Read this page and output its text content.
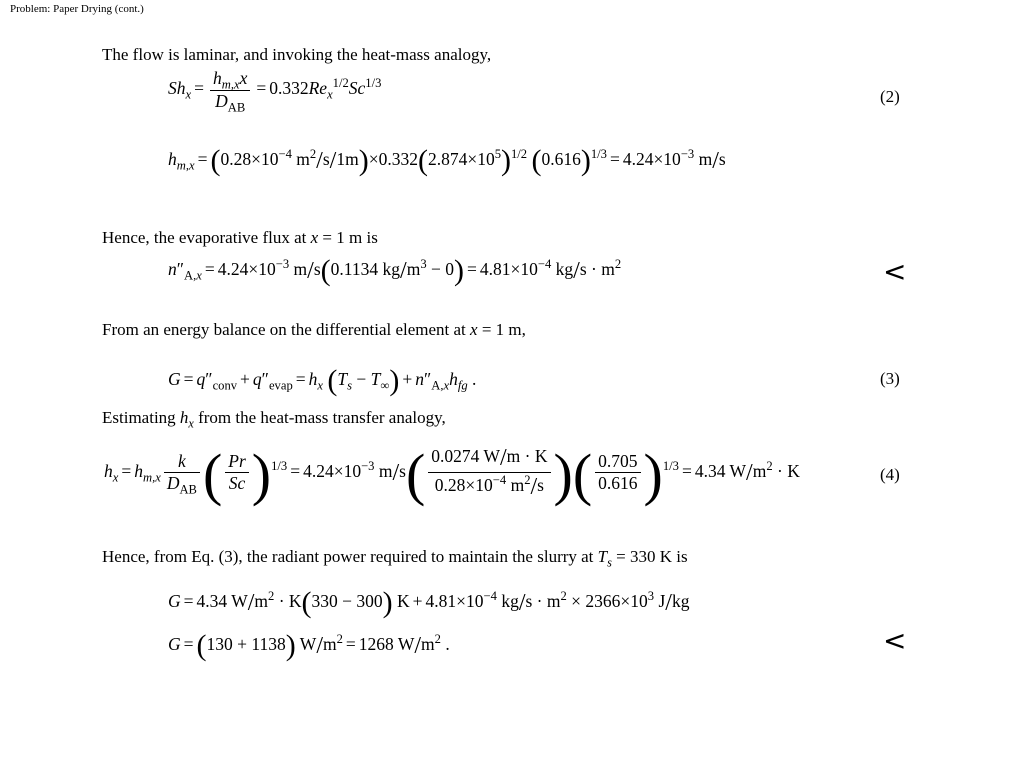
Problem: Paper Drying (cont.)
The flow is laminar, and invoking the heat-mass analogy,
$Sh_x = \frac{h_{m,x}x}{D_{AB}} = 0.332Re_x^{1/2}Sc^{1/3}$
(2)
$h_{m,x} = (0.28\times 10^{-4}$ $m^2/s/1m)\times 0.332(2.874\times 10^5)^{1/2}$ $(0.616)^{1/3} = 4.24\times 10^{-3}$ m/s
Hence, the evaporative flux at x = 1 m is
$n''_{A,x} = 4.24\times 10^{-3}$ m/s(0.1134 $kg/m^3 - 0) = 4.81\times 10^{-4}$ $kg/s \cdot m^2$	<
From an energy balance on the differential element at x = 1 m,
$G = q''_{conv} + q''_{evap} = h_x$ $(T_s - T_\infty) + n''_{A,x}h_{fg}$ .	(3)
Estimating $h_x$ from the heat-mass transfer analogy,
$h_x = h_{m,x} \frac{k}{D_{AB}}$ ( $\frac{Pr}{Sc} )^{1/3} = 4.24\times 10^{-3}$ $m/s( \frac{0.0274 W/m \cdot K}{0.28\times 10^{-4} m^2/s}$ )( $\frac{0.705}{0.616} )^{1/3} = 4.34$ $W/m^2 \cdot K$	(4)
Hence, from Eq. (3), the radiant power required to maintain the slurry at $T_s = 330$ K is
G = 4.34 $W/m^2 \cdot K(330 - 300) K + 4.81\times 10^{-4}$ $kg/s \cdot m^2 \times 2366\times 10^3$ J/kg
G = (130 + 1138) $W/m^2 = 1268$ $W/m^2$ .	<
